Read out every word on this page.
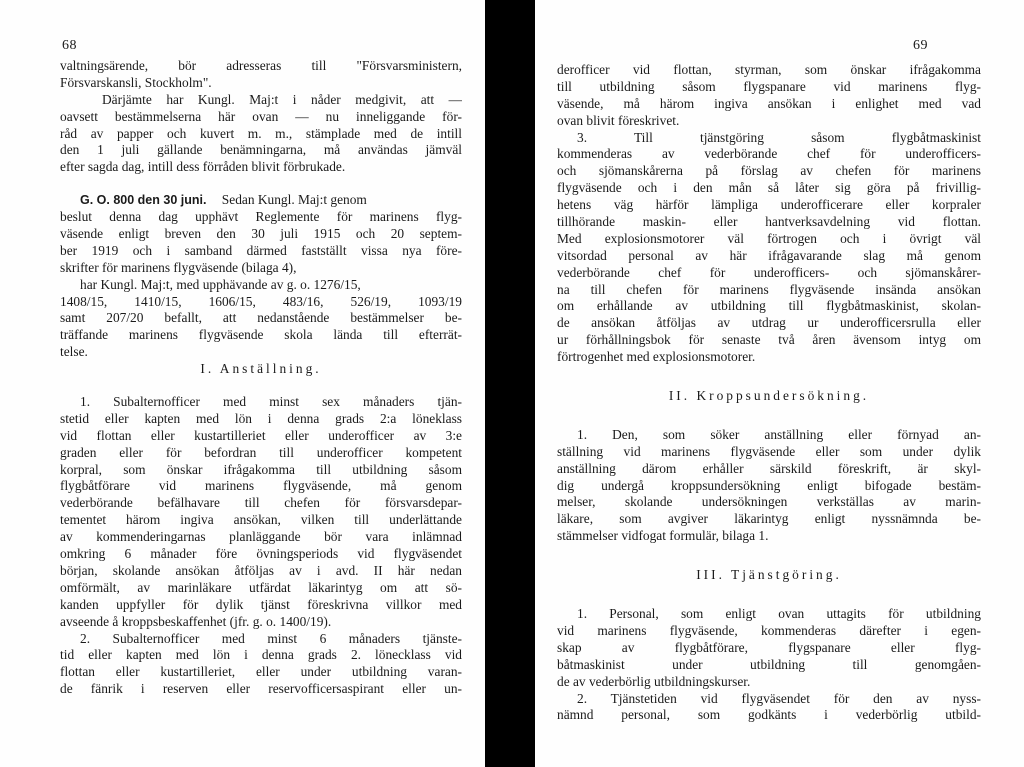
68
valtningsärende, bör adresseras till "Försvarsministern,
Försvarskansli, Stockholm".
Därjämte har Kungl. Maj:t i nåder medgivit, att —
oavsett bestämmelserna här ovan — nu inneliggande för-
råd av papper och kuvert m. m., stämplade med de intill
den 1 juli gällande benämningarna, må användas jämväl
efter sagda dag, intill dess förråden blivit förbrukade.
G. O. 800 den 30 juni. Sedan Kungl. Maj:t genom
beslut denna dag upphävt Reglemente för marinens flyg-
väsende enligt breven den 30 juli 1915 och 20 septem-
ber 1919 och i samband därmed fastställt vissa nya före-
skrifter för marinens flygväsende (bilaga 4),
har Kungl. Maj:t, med upphävande av g. o. 1276/15,
1408/15, 1410/15, 1606/15, 483/16, 526/19, 1093/19
samt 207/20 befallt, att nedanstående bestämmelser be-
träffande marinens flygväsende skola lända till efterrät-
telse.
I. Anställning.
1. Subalternofficer med minst sex månaders tjän-
stetid eller kapten med lön i denna grads 2:a löneklass
vid flottan eller kustartilleriet eller underofficer av 3:e
graden eller för befordran till underofficer kompetent
korpral, som önskar ifrågakomma till utbildning såsom
flygbåtförare vid marinens flygväsende, må genom
vederbörande befälhavare till chefen för försvarsdepar-
tementet härom ingiva ansökan, vilken till underlättande
av kommenderingarnas planläggande bör vara inlämnad
omkring 6 månader före övningsperiods vid flygväsendet
början, skolande ansökan åtföljas av i avd. II här nedan
omförmält, av marinläkare utfärdat läkarintyg om att sö-
kanden uppfyller för dylik tjänst föreskrivna villkor med
avseende å kroppsbeskaffenhet (jfr. g. o. 1400/19).
2. Subalternofficer med minst 6 månaders tjänste-
tid eller kapten med lön i denna grads 2. lönecklass vid
flottan eller kustartilleriet, eller under utbildning varan-
de fänrik i reserven eller reservofficersaspirant eller un-
69
derofficer vid flottan, styrman, som önskar ifrågakomma
till utbildning såsom flygspanare vid marinens flyg-
väsende, må härom ingiva ansökan i enlighet med vad
ovan blivit föreskrivet.
3. Till tjänstgöring såsom flygbåtmaskinist
kommenderas av vederbörande chef för underofficers-
och sjömanskårerna på förslag av chefen för marinens
flygväsende och i den mån så låter sig göra på frivillig-
hetens väg härför lämpliga underofficerare eller korpraler
tillhörande maskin- eller hantverksavdelning vid flottan.
Med explosionsmotorer väl förtrogen och i övrigt väl
vitsordad personal av här ifrågavarande slag må genom
vederbörande chef för underofficers- och sjömanskårer-
na till chefen för marinens flygväsende insända ansökan
om erhållande av utbildning till flygbåtmaskinist, skolan-
de ansökan åtföljas av utdrag ur underofficersrulla eller
ur förhållningsbok för senaste två åren ävensom intyg om
förtrogenhet med explosionsmotorer.
II. Kroppsundersökning.
1. Den, som söker anställning eller förnyad an-
ställning vid marinens flygväsende eller som under dylik
anställning därom erhåller särskild föreskrift, är skyl-
dig undergå kroppsundersökning enligt bifogade bestäm-
melser, skolande undersökningen verkställas av marin-
läkare, som avgiver läkarintyg enligt nyssnämnda be-
stämmelser vidfogat formulär, bilaga 1.
III. Tjänstgöring.
1. Personal, som enligt ovan uttagits för utbildning
vid marinens flygväsende, kommenderas därefter i egen-
skap av flygbåtförare, flygspanare eller flyg-
båtmaskinist under utbildning till genomgåen-
de av vederbörlig utbildningskurser.
2. Tjänstetiden vid flygväsendet för den av nyss-
nämnd personal, som godkänts i vederbörlig utbild-
